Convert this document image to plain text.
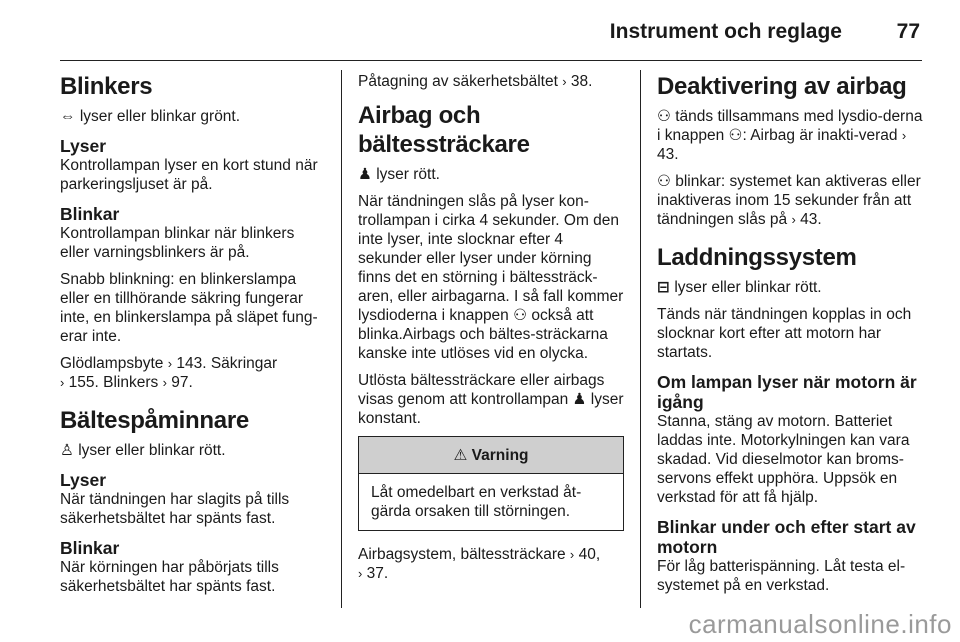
Instrument och reglage	77
Blinkers

⇔ lyser eller blinkar grönt.

Lyser

Kontrollampan lyser en kort stund när parkeringsljuset är på.

Blinkar

Kontrollampan blinkar när blinkers eller varningsblinkers är på.

Snabb blinkning: en blinkerslampa eller en tillhörande säkring fungerar inte, en blinkerslampa på släpet fung-erar inte.

Glödlampsbyte › 143. Säkringar
› 155. Blinkers › 97.

Bältespåminnare

♙ lyser eller blinkar rött.

Lyser

När tändningen har slagits på tills säkerhetsbältet har spänts fast.

Blinkar

När körningen har påbörjats tills säkerhetsbältet har spänts fast.

Påtagning av säkerhetsbältet › 38.

Airbag och bältessträckare

♟ lyser rött.

När tändningen slås på lyser kon-trollampan i cirka 4 sekunder. Om den inte lyser, inte slocknar efter 4 sekunder eller lyser under körning finns det en störning i bältessträck-aren, eller airbagarna. I så fall kommer lysdioderna i knappen ⚇ också att blinka.Airbags och bältes-sträckarna kanske inte utlöses vid en olycka.

Utlösta bältessträckare eller airbags visas genom att kontrollampan ♟ lyser konstant.

⚠ Varning

Låt omedelbart en verkstad åt-gärda orsaken till störningen.

Airbagsystem, bältessträckare › 40,
› 37.

Deaktivering av airbag

⚇ tänds tillsammans med lysdio-derna i knappen ⚇: Airbag är inakti-verad › 43.

⚇ blinkar: systemet kan aktiveras eller inaktiveras inom 15 sekunder från att tändningen slås på › 43.

Laddningssystem

⊟ lyser eller blinkar rött.

Tänds när tändningen kopplas in och slocknar kort efter att motorn har startats.

Om lampan lyser när motorn är igång

Stanna, stäng av motorn. Batteriet laddas inte. Motorkylningen kan vara skadad. Vid dieselmotor kan broms-servons effekt upphöra. Uppsök en verkstad för att få hjälp.

Blinkar under och efter start av motorn

För låg batterispänning. Låt testa el-systemet på en verkstad.

carmanualsonline.info
